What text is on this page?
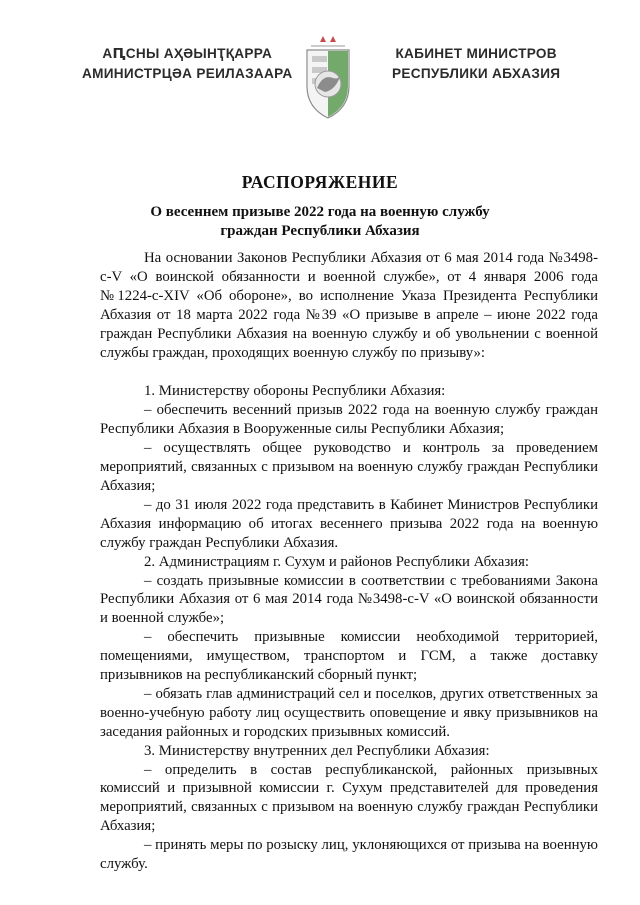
АԤСНЫ АҲӘЫНҬҚАРРА
АМИНИСТРЦӘА РЕИЛАЗААРА
КАБИНЕТ МИНИСТРОВ
РЕСПУБЛИКИ АБХАЗИЯ
РАСПОРЯЖЕНИЕ
О весеннем призыве 2022 года на военную службу
граждан Республики Абхазия

На основании Законов Республики Абхазия от 6 мая 2014 года №3498-с-V «О воинской обязанности и военной службе», от 4 января 2006 года №1224-с-XIV «Об обороне», во исполнение Указа Президента Республики Абхазия от 18 марта 2022 года №39 «О призыве в апреле – июне 2022 года граждан Республики Абхазия на военную службу и об увольнении с военной службы граждан, проходящих военную службу по призыву»:

1. Министерству обороны Республики Абхазия:

– обеспечить весенний призыв 2022 года на военную службу граждан Республики Абхазия в Вооруженные силы Республики Абхазия;

– осуществлять общее руководство и контроль за проведением мероприятий, связанных с призывом на военную службу граждан Республики Абхазия;

– до 31 июля 2022 года представить в Кабинет Министров Республики Абхазия информацию об итогах весеннего призыва 2022 года на военную службу граждан Республики Абхазия.

2. Администрациям г. Сухум и районов Республики Абхазия:

– создать призывные комиссии в соответствии с требованиями Закона Республики Абхазия от 6 мая 2014 года №3498-с-V «О воинской обязанности и военной службе»;

– обеспечить призывные комиссии необходимой территорией, помещениями, имуществом, транспортом и ГСМ, а также доставку призывников на республиканский сборный пункт;

– обязать глав администраций сел и поселков, других ответственных за военно-учебную работу лиц осуществить оповещение и явку призывников на заседания районных и городских призывных комиссий.

3. Министерству внутренних дел Республики Абхазия:

– определить в состав республиканской, районных призывных комиссий и призывной комиссии г. Сухум представителей для проведения мероприятий, связанных с призывом на военную службу граждан Республики Абхазия;

– принять меры по розыску лиц, уклоняющихся от призыва на военную службу.
